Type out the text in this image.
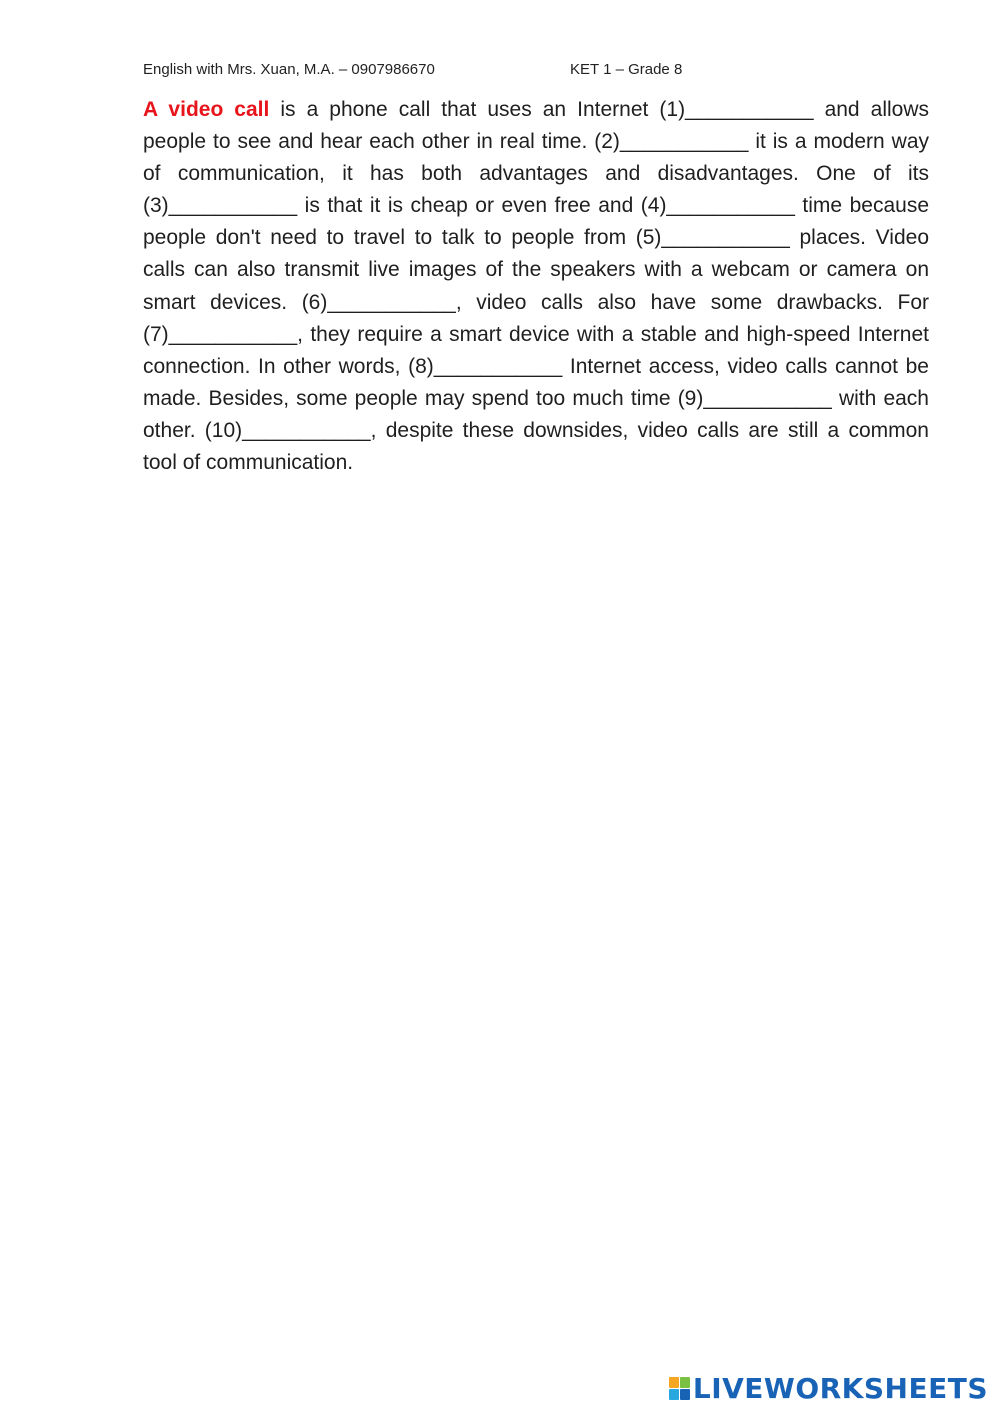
English with Mrs. Xuan, M.A. – 0907986670	KET 1 – Grade 8
A video call is a phone call that uses an Internet (1)___________ and allows people to see and hear each other in real time. (2)___________ it is a modern way of communication, it has both advantages and disadvantages. One of its (3)___________ is that it is cheap or even free and (4)___________ time because people don't need to travel to talk to people from (5)___________ places. Video calls can also transmit live images of the speakers with a webcam or camera on smart devices. (6)___________, video calls also have some drawbacks. For (7)___________, they require a smart device with a stable and high-speed Internet connection. In other words, (8)___________ Internet access, video calls cannot be made. Besides, some people may spend too much time (9)___________ with each other. (10)___________, despite these downsides, video calls are still a common tool of communication.
LIVEWORKSHEETS
